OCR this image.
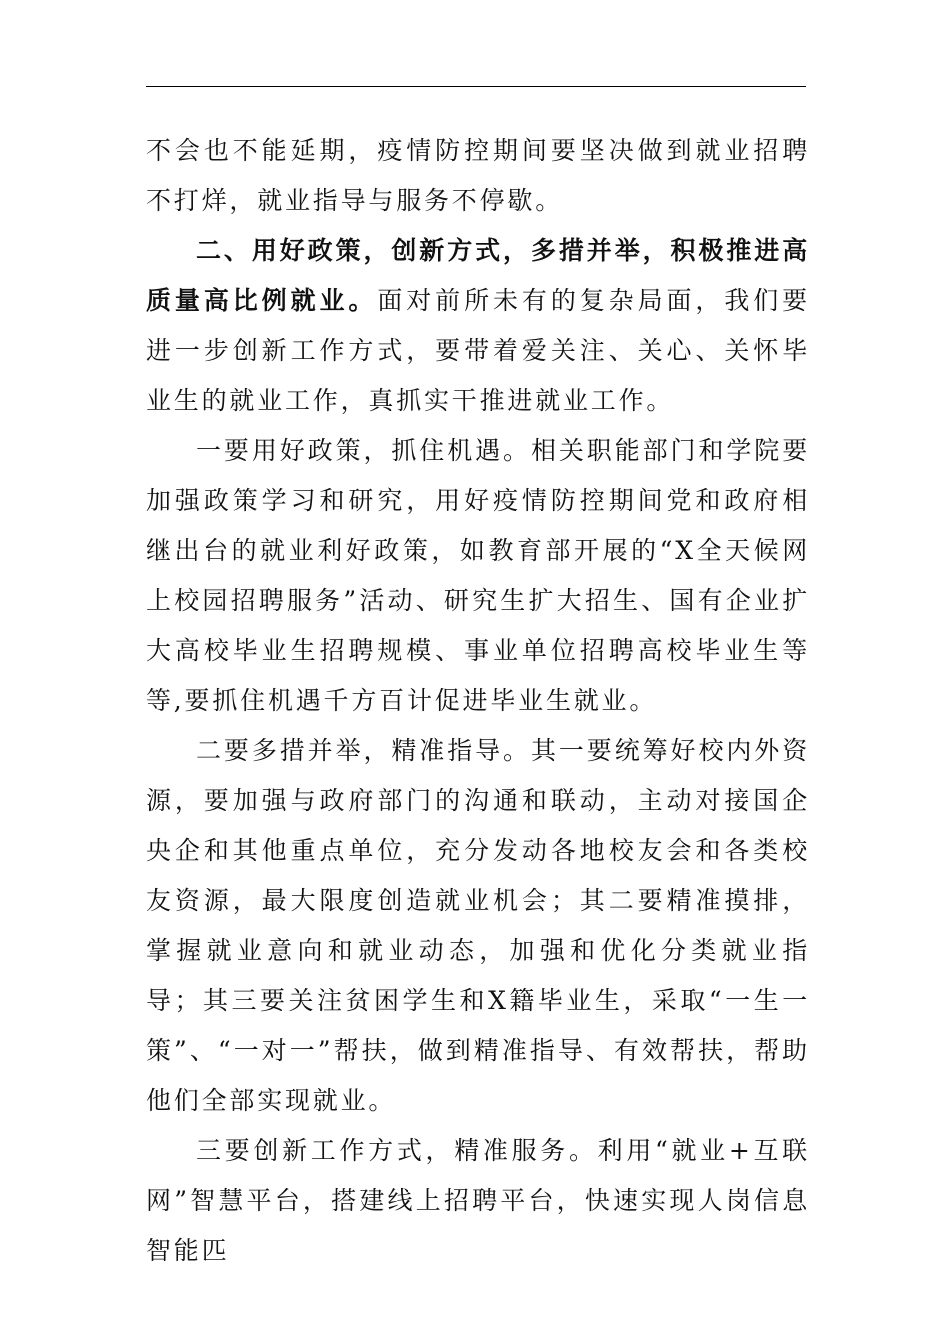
不会也不能延期，疫情防控期间要坚决做到就业招聘不打烊，就业指导与服务不停歇。

二、用好政策，创新方式，多措并举，积极推进高质量高比例就业。面对前所未有的复杂局面，我们要进一步创新工作方式，要带着爱关注、关心、关怀毕业生的就业工作，真抓实干推进就业工作。

一要用好政策，抓住机遇。相关职能部门和学院要加强政策学习和研究，用好疫情防控期间党和政府相继出台的就业利好政策，如教育部开展的“X全天候网上校园招聘服务”活动、研究生扩大招生、国有企业扩大高校毕业生招聘规模、事业单位招聘高校毕业生等等,要抓住机遇千方百计促进毕业生就业。

二要多措并举，精准指导。其一要统筹好校内外资源，要加强与政府部门的沟通和联动，主动对接国企央企和其他重点单位，充分发动各地校友会和各类校友资源，最大限度创造就业机会；其二要精准摸排，掌握就业意向和就业动态，加强和优化分类就业指导；其三要关注贫困学生和X籍毕业生，采取“一生一策”、“一对一”帮扶，做到精准指导、有效帮扶，帮助他们全部实现就业。

三要创新工作方式，精准服务。利用“就业+互联网”智慧平台，搭建线上招聘平台，快速实现人岗信息智能匹
